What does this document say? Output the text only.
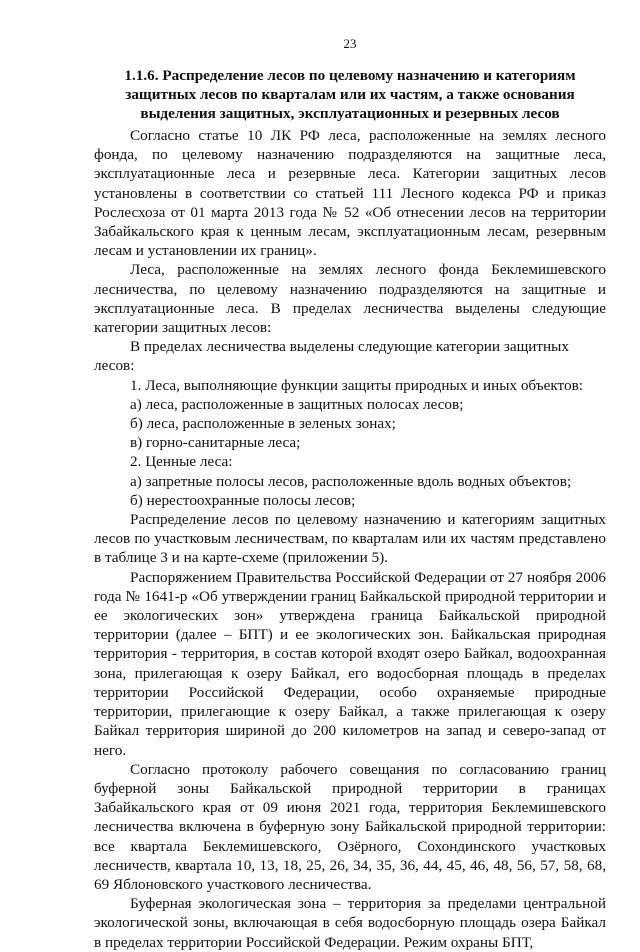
23
1.1.6. Распределение лесов по целевому назначению и категориям
защитных лесов по кварталам или их частям, а также основания
выделения защитных, эксплуатационных и резервных лесов

Согласно статье 10 ЛК РФ леса, расположенные на землях лесного фонда, по целевому назначению подразделяются на защитные леса, эксплуатационные леса и резервные леса. Категории защитных лесов установлены в соответствии со статьей 111 Лесного кодекса РФ и приказ Рослесхоза от 01 марта 2013 года № 52 «Об отнесении лесов на территории Забайкальского края к ценным лесам, эксплуатационным лесам, резервным лесам и установлении их границ».

Леса, расположенные на землях лесного фонда Беклемишевского лесничества, по целевому назначению подразделяются на защитные и эксплуатационные леса. В пределах лесничества выделены следующие категории защитных лесов:

В пределах лесничества выделены следующие категории защитных лесов:

1. Леса, выполняющие функции защиты природных и иных объектов:

а) леса, расположенные в защитных полосах лесов;

б) леса, расположенные в зеленых зонах;

в) горно-санитарные леса;

2. Ценные леса:

а) запретные полосы лесов, расположенные вдоль водных объектов;

б) нерестоохранные полосы лесов;

Распределение лесов по целевому назначению и категориям защитных лесов по участковым лесничествам, по кварталам или их частям представлено в таблице 3 и на карте-схеме (приложении 5).

Распоряжением Правительства Российской Федерации от 27 ноября 2006 года № 1641-р «Об утверждении границ Байкальской природной территории и ее экологических зон» утверждена граница Байкальской природной территории (далее – БПТ) и ее экологических зон. Байкальская природная территория - территория, в состав которой входят озеро Байкал, водоохранная зона, прилегающая к озеру Байкал, его водосборная площадь в пределах территории Российской Федерации, особо охраняемые природные территории, прилегающие к озеру Байкал, а также прилегающая к озеру Байкал территория шириной до 200 километров на запад и северо-запад от него.

Согласно протоколу рабочего совещания по согласованию границ буферной зоны Байкальской природной территории в границах Забайкальского края от 09 июня 2021 года, территория Беклемишевского лесничества включена в буферную зону Байкальской природной территории: все квартала Беклемишевского, Озёрного, Сохондинского участковых лесничеств, квартала 10, 13, 18, 25, 26, 34, 35, 36, 44, 45, 46, 48, 56, 57, 58, 68, 69 Яблоновского участкового лесничества.

Буферная экологическая зона – территория за пределами центральной экологической зоны, включающая в себя водосборную площадь озера Байкал в пределах территории Российской Федерации. Режим охраны БПТ,
